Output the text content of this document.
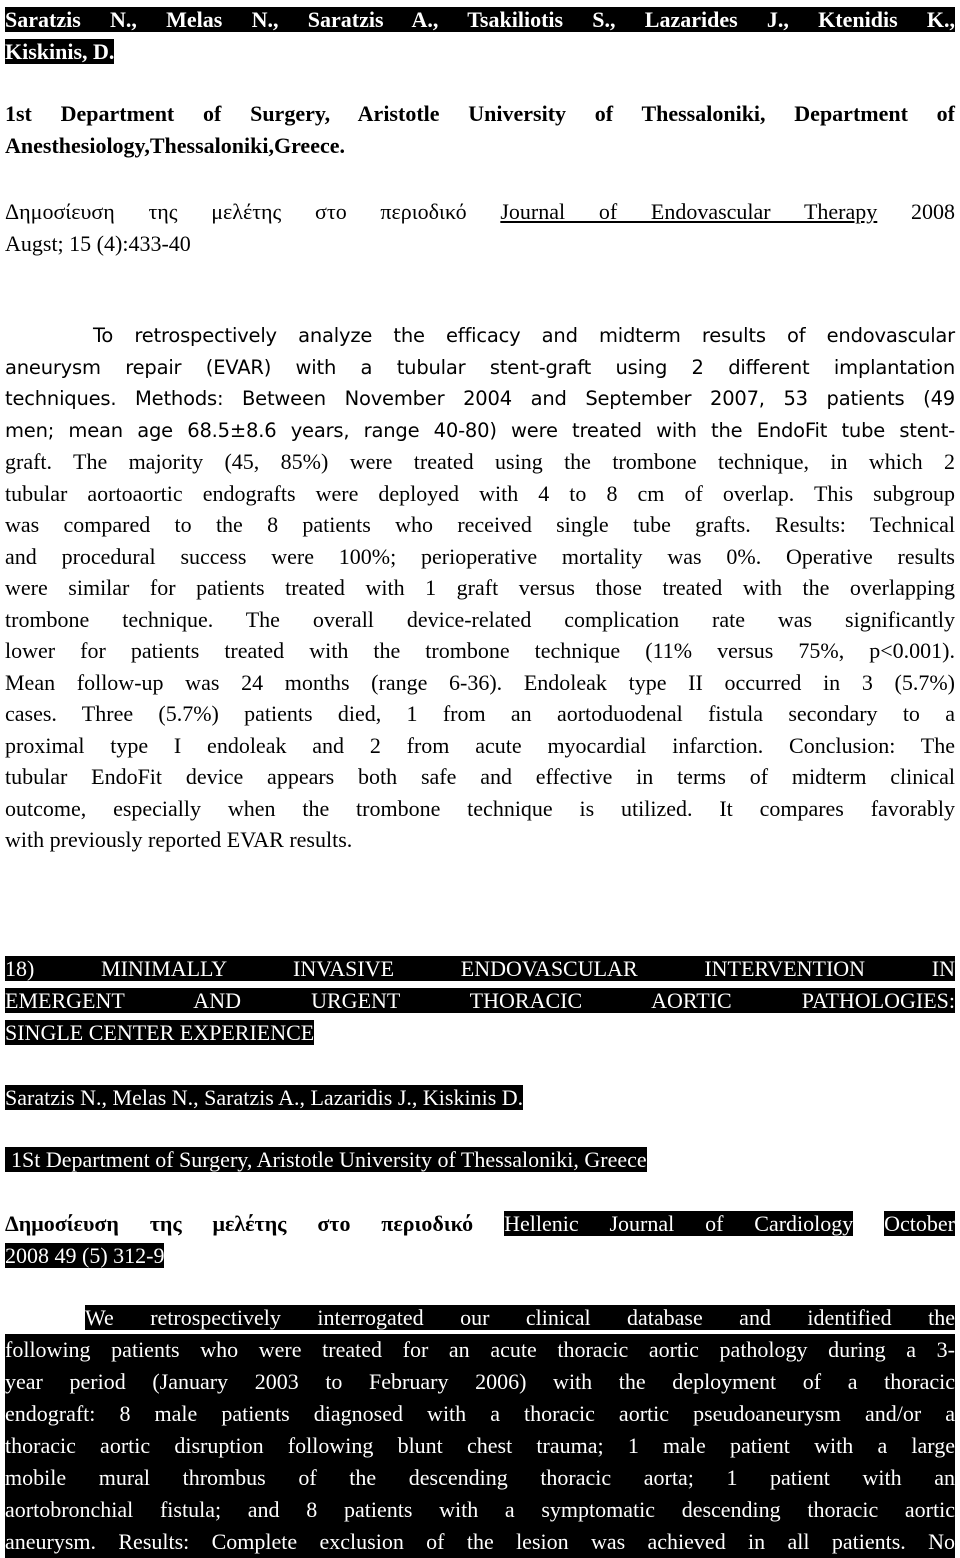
Saratzis N., Melas N., Saratzis A., Tsakiliotis S., Lazarides J., Ktenidis K.,
Kiskinis, D.
1st Department of Surgery, Aristotle University of Thessaloniki, Department of
Anesthesiology,Thessaloniki,Greece.
Δημοσίευση της μελέτης στο περιοδικό Journal of Endovascular Therapy 2008
Augst; 15 (4):433-40
To retrospectively analyze the efficacy and midterm results of endovascular
aneurysm repair (EVAR) with a tubular stent-graft using 2 different implantation
techniques. Methods: Between November 2004 and September 2007, 53 patients (49
men; mean age 68.5±8.6 years, range 40-80) were treated with the EndoFit tube stent-
graft. The majority (45, 85%) were treated using the trombone technique, in which 2
tubular aortoaortic endografts were deployed with 4 to 8 cm of overlap. This subgroup
was compared to the 8 patients who received single tube grafts. Results: Technical
and procedural success were 100%; perioperative mortality was 0%. Operative results
were similar for patients treated with 1 graft versus those treated with the overlapping
trombone technique. The overall device-related complication rate was significantly
lower for patients treated with the trombone technique (11% versus 75%, p<0.001).
Mean follow-up was 24 months (range 6-36). Endoleak type II occurred in 3 (5.7%)
cases. Three (5.7%) patients died, 1 from an aortoduodenal fistula secondary to a
proximal type I endoleak and 2 from acute myocardial infarction. Conclusion: The
tubular EndoFit device appears both safe and effective in terms of midterm clinical
outcome, especially when the trombone technique is utilized. It compares favorably
with previously reported EVAR results.
18) MINIMALLY INVASIVE ENDOVASCULAR INTERVENTION IN
EMERGENT AND URGENT THORACIC AORTIC PATHOLOGIES:
SINGLE CENTER EXPERIENCE
Saratzis N., Melas N., Saratzis A., Lazaridis J., Kiskinis D.
1St Department of Surgery, Aristotle University of Thessaloniki, Greece
Δημοσίευση της μελέτης στο περιοδικό Hellenic Journal of Cardiology October
2008 49 (5) 312-9
We retrospectively interrogated our clinical database and identified the
following patients who were treated for an acute thoracic aortic pathology during a 3-
year period (January 2003 to February 2006) with the deployment of a thoracic
endograft: 8 male patients diagnosed with a thoracic aortic pseudoaneurysm and/or a
thoracic aortic disruption following blunt chest trauma; 1 male patient with a large
mobile mural thrombus of the descending thoracic aorta; 1 patient with an
aortobronchial fistula; and 8 patients with a symptomatic descending thoracic aortic
aneurysm. Results: Complete exclusion of the lesion was achieved in all patients. No
